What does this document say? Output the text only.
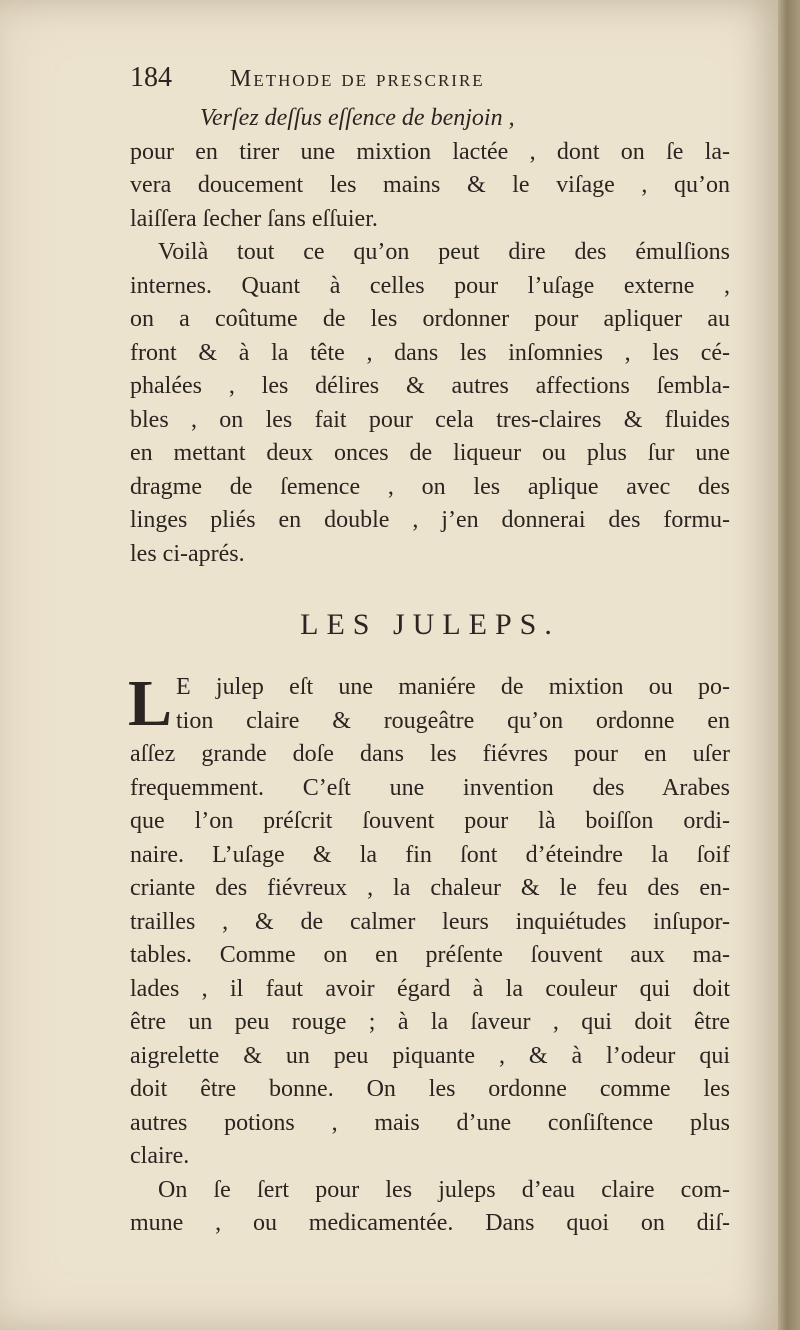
184	Methode de prescrire
Verſez deſſus eſſence de benjoin ,
pour en tirer une mixtion lactée , dont on ſe la-
vera doucement les mains & le viſage , qu’on
laiſſera ſecher ſans eſſuier.
Voilà tout ce qu’on peut dire des émulſions
internes. Quant à celles pour l’uſage externe ,
on a coûtume de les ordonner pour apliquer au
front & à la tête , dans les inſomnies , les cé-
phalées , les délires & autres affections ſembla-
bles , on les fait pour cela tres-claires & fluides
en mettant deux onces de liqueur ou plus ſur une
dragme de ſemence , on les aplique avec des
linges pliés en double , j’en donnerai des formu-
les ci-aprés.
LES JULEPS.
L E julep eſt une maniére de mixtion ou po-
tion claire & rougeâtre qu’on ordonne en
aſſez grande doſe dans les fiévres pour en uſer
frequemment. C’eſt une invention des Arabes
que l’on préſcrit ſouvent pour là boiſſon ordi-
naire. L’uſage & la fin ſont d’éteindre la ſoif
criante des fiévreux , la chaleur & le feu des en-
trailles , & de calmer leurs inquiétudes inſupor-
tables. Comme on en préſente ſouvent aux ma-
lades , il faut avoir égard à la couleur qui doit
être un peu rouge ; à la ſaveur , qui doit être
aigrelette & un peu piquante , & à l’odeur qui
doit être bonne. On les ordonne comme les
autres potions , mais d’une conſiſtence plus
claire.
On ſe ſert pour les juleps d’eau claire com-
mune , ou medicamentée. Dans quoi on diſ-
